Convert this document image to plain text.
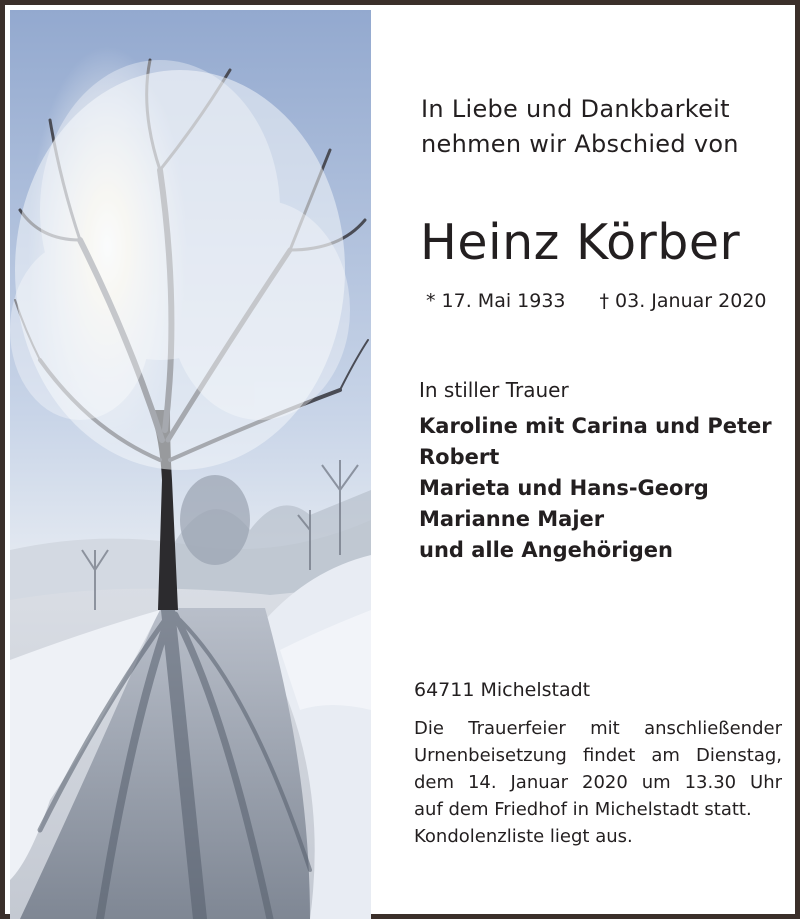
In Liebe und Dankbarkeit
nehmen wir Abschied von
Heinz Körber
* 17. Mai 1933 † 03. Januar 2020
In stiller Trauer
Karoline mit Carina und Peter
Robert
Marieta und Hans-Georg
Marianne Majer
und alle Angehörigen
64711 Michelstadt
Die Trauerfeier mit anschließender
Urnenbeisetzung findet am Dienstag,
dem 14. Januar 2020 um 13.30 Uhr
auf dem Friedhof in Michelstadt statt.
Kondolenzliste liegt aus.
